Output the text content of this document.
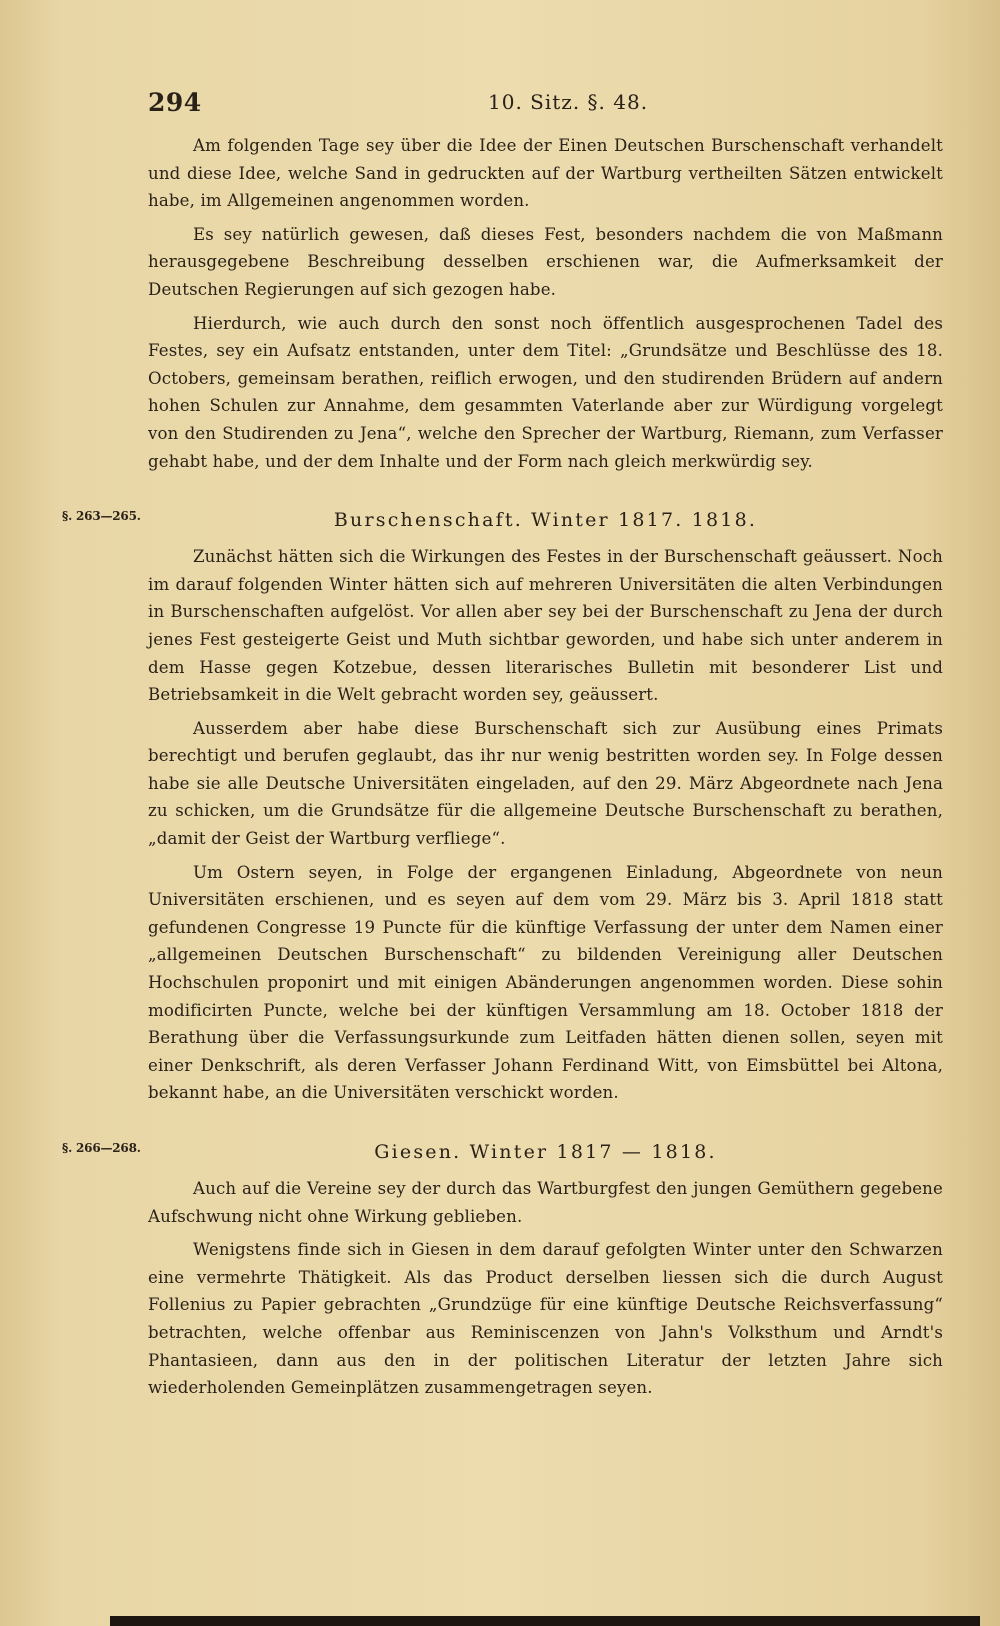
294	10. Sitz. §. 48.

Am folgenden Tage sey über die Idee der Einen Deutschen Burschenschaft verhandelt und diese Idee, welche Sand in gedruckten auf der Wartburg vertheilten Sätzen entwickelt habe, im Allgemeinen angenommen worden.

Es sey natürlich gewesen, daß dieses Fest, besonders nachdem die von Maßmann herausgegebene Beschreibung desselben erschienen war, die Aufmerksamkeit der Deutschen Regierungen auf sich gezogen habe.

Hierdurch, wie auch durch den sonst noch öffentlich ausgesprochenen Tadel des Festes, sey ein Aufsatz entstanden, unter dem Titel: „Grundsätze und Beschlüsse des 18. Octobers, gemeinsam berathen, reiflich erwogen, und den studirenden Brüdern auf andern hohen Schulen zur Annahme, dem gesammten Vaterlande aber zur Würdigung vorgelegt von den Studirenden zu Jena“, welche den Sprecher der Wartburg, Riemann, zum Verfasser gehabt habe, und der dem Inhalte und der Form nach gleich merkwürdig sey.

§. 263—265.	Burschenschaft. Winter 1817. 1818.

Zunächst hätten sich die Wirkungen des Festes in der Burschenschaft geäussert. Noch im darauf folgenden Winter hätten sich auf mehreren Universitäten die alten Verbindungen in Burschenschaften aufgelöst. Vor allen aber sey bei der Burschenschaft zu Jena der durch jenes Fest gesteigerte Geist und Muth sichtbar geworden, und habe sich unter anderem in dem Hasse gegen Kotzebue, dessen literarisches Bulletin mit besonderer List und Betriebsamkeit in die Welt gebracht worden sey, geäussert.

Ausserdem aber habe diese Burschenschaft sich zur Ausübung eines Primats berechtigt und berufen geglaubt, das ihr nur wenig bestritten worden sey. In Folge dessen habe sie alle Deutsche Universitäten eingeladen, auf den 29. März Abgeordnete nach Jena zu schicken, um die Grundsätze für die allgemeine Deutsche Burschenschaft zu berathen, „damit der Geist der Wartburg verfliege“.

Um Ostern seyen, in Folge der ergangenen Einladung, Abgeordnete von neun Universitäten erschienen, und es seyen auf dem vom 29. März bis 3. April 1818 statt gefundenen Congresse 19 Puncte für die künftige Verfassung der unter dem Namen einer „allgemeinen Deutschen Burschenschaft“ zu bildenden Vereinigung aller Deutschen Hochschulen proponirt und mit einigen Abänderungen angenommen worden. Diese sohin modificirten Puncte, welche bei der künftigen Versammlung am 18. October 1818 der Berathung über die Verfassungsurkunde zum Leitfaden hätten dienen sollen, seyen mit einer Denkschrift, als deren Verfasser Johann Ferdinand Witt, von Eimsbüttel bei Altona, bekannt habe, an die Universitäten verschickt worden.

§. 266—268.	Giesen. Winter 1817 — 1818.

Auch auf die Vereine sey der durch das Wartburgfest den jungen Gemüthern gegebene Aufschwung nicht ohne Wirkung geblieben.

Wenigstens finde sich in Giesen in dem darauf gefolgten Winter unter den Schwarzen eine vermehrte Thätigkeit. Als das Product derselben liessen sich die durch August Follenius zu Papier gebrachten „Grundzüge für eine künftige Deutsche Reichsverfassung“ betrachten, welche offenbar aus Reminiscenzen von Jahn's Volksthum und Arndt's Phantasieen, dann aus den in der politischen Literatur der letzten Jahre sich wiederholenden Gemeinplätzen zusammengetragen seyen.
